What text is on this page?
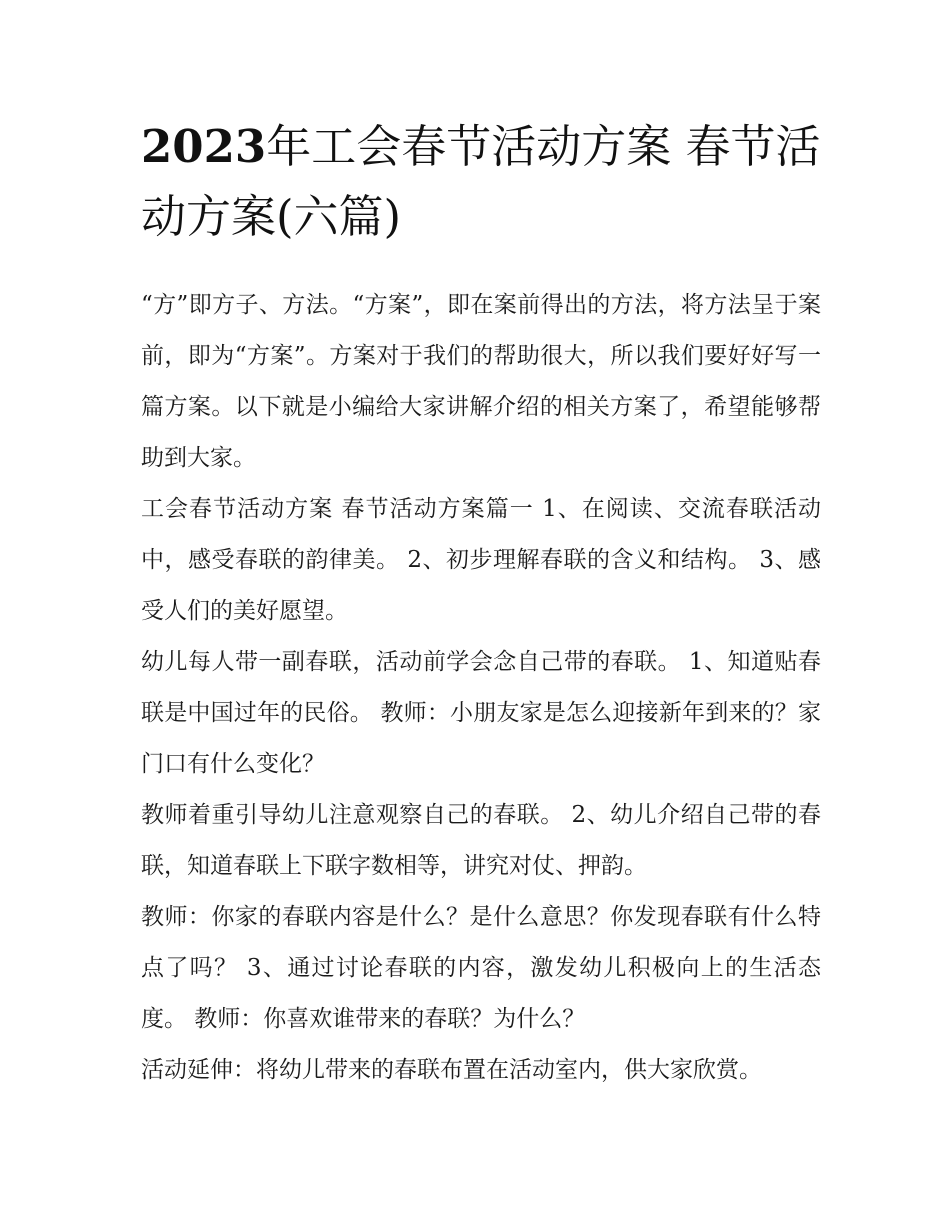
2023年工会春节活动方案 春节活动方案(六篇)

“方”即方子、方法。“方案”，即在案前得出的方法，将方法呈于案前，即为“方案”。方案对于我们的帮助很大，所以我们要好好写一篇方案。以下就是小编给大家讲解介绍的相关方案了，希望能够帮助到大家。

工会春节活动方案 春节活动方案篇一 1、在阅读、交流春联活动中，感受春联的韵律美。 2、初步理解春联的含义和结构。 3、感受人们的美好愿望。

幼儿每人带一副春联，活动前学会念自己带的春联。 1、知道贴春联是中国过年的民俗。 教师：小朋友家是怎么迎接新年到来的？家门口有什么变化？

教师着重引导幼儿注意观察自己的春联。 2、幼儿介绍自己带的春联，知道春联上下联字数相等，讲究对仗、押韵。

教师：你家的春联内容是什么？是什么意思？你发现春联有什么特点了吗？ 3、通过讨论春联的内容，激发幼儿积极向上的生活态度。 教师：你喜欢谁带来的春联？为什么？

活动延伸：将幼儿带来的春联布置在活动室内，供大家欣赏。
